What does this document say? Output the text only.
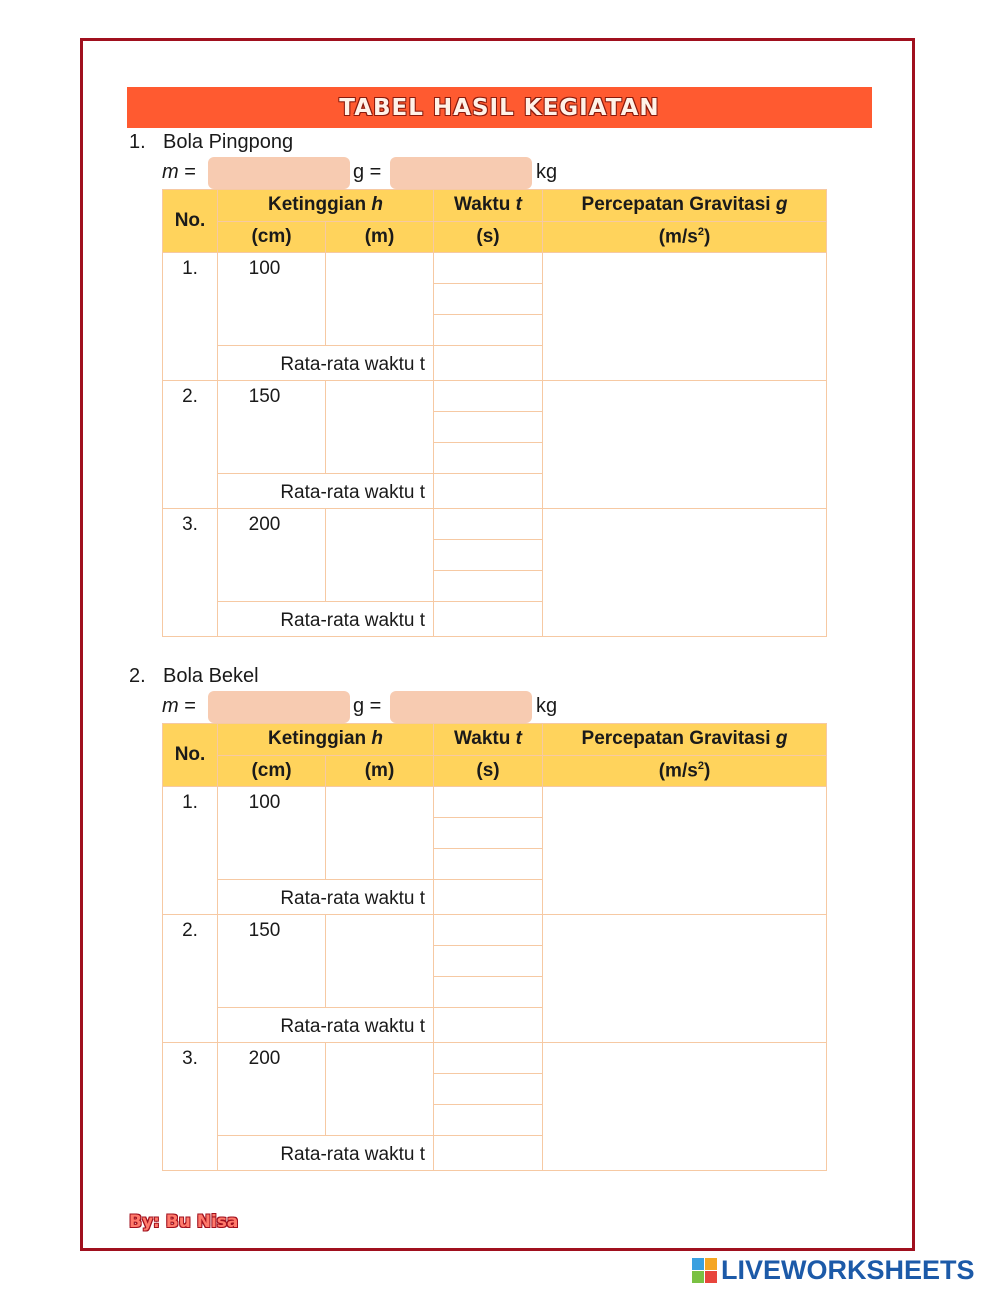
TABEL HASIL KEGIATAN
1. Bola Pingpong
m =	g =	kg
No.	Ketinggian h		Waktu t	Percepatan Gravitasi g
	(cm)	(m)	(s)	$(m/s^2)$
1.	100			

	Rata-rata waktu t			
2.	150			

	Rata-rata waktu t			
3.	200			

	Rata-rata waktu t			
2. Bola Bekel
m =	g =	kg
No.	Ketinggian h		Waktu t	Percepatan Gravitasi g
	(cm)	(m)	(s)	$(m/s^2)$
1.	100			

	Rata-rata waktu t			
2.	150			

	Rata-rata waktu t			
3.	200			

	Rata-rata waktu t			
By: Bu Nisa
LIVEWORKSHEETS
